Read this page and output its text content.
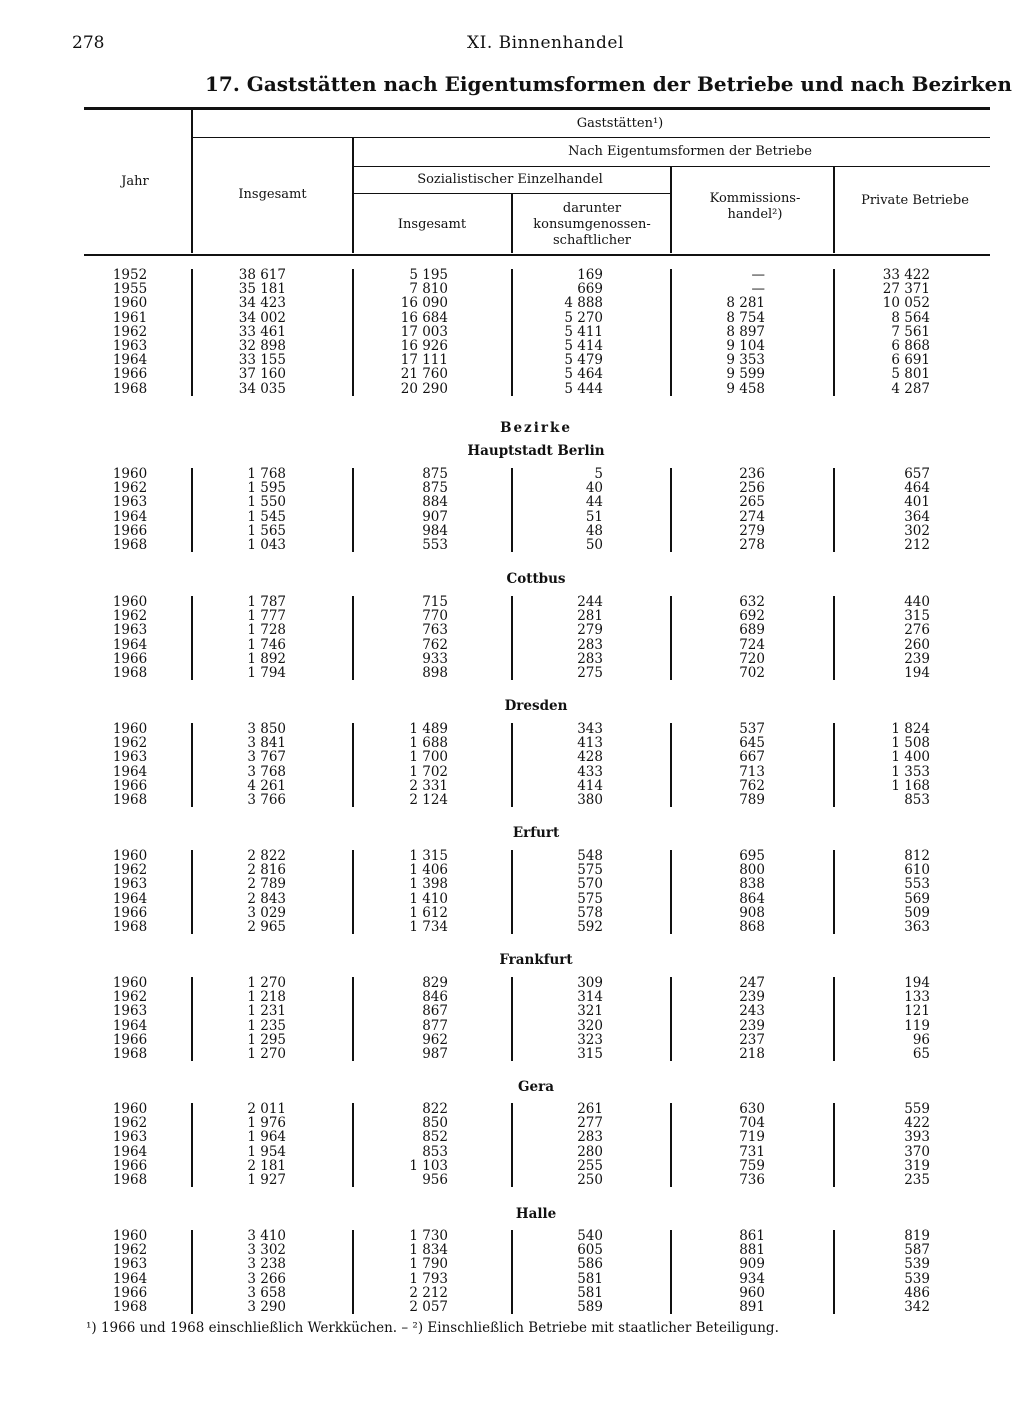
278	XI. Binnenhandel
17. Gaststätten nach Eigentumsformen der Betriebe und nach Bezirken
Jahr
Gaststätten¹)
Insgesamt
Nach Eigentumsformen der Betriebe
Sozialistischer Einzelhandel
Insgesamt
darunter konsumgenossen-schaftlicher
Kommissions-handel²)
Private Betriebe
Bezirke
1952
1955
1960
1961
1962
1963
1964
1966
1968
38 617
35 181
34 423
34 002
33 461
32 898
33 155
37 160
34 035
5 195
7 810
16 090
16 684
17 003
16 926
17 111
21 760
20 290
169
669
4 888
5 270
5 411
5 414
5 479
5 464
5 444
—
—
8 281
8 754
8 897
9 104
9 353
9 599
9 458
33 422
27 371
10 052
8 564
7 561
6 868
6 691
5 801
4 287
Hauptstadt Berlin
1960
1962
1963
1964
1966
1968
1 768
1 595
1 550
1 545
1 565
1 043
875
875
884
907
984
553
5
40
44
51
48
50
236
256
265
274
279
278
657
464
401
364
302
212
Cottbus
1960
1962
1963
1964
1966
1968
1 787
1 777
1 728
1 746
1 892
1 794
715
770
763
762
933
898
244
281
279
283
283
275
632
692
689
724
720
702
440
315
276
260
239
194
Dresden
1960
1962
1963
1964
1966
1968
3 850
3 841
3 767
3 768
4 261
3 766
1 489
1 688
1 700
1 702
2 331
2 124
343
413
428
433
414
380
537
645
667
713
762
789
1 824
1 508
1 400
1 353
1 168
853
Erfurt
1960
1962
1963
1964
1966
1968
2 822
2 816
2 789
2 843
3 029
2 965
1 315
1 406
1 398
1 410
1 612
1 734
548
575
570
575
578
592
695
800
838
864
908
868
812
610
553
569
509
363
Frankfurt
1960
1962
1963
1964
1966
1968
1 270
1 218
1 231
1 235
1 295
1 270
829
846
867
877
962
987
309
314
321
320
323
315
247
239
243
239
237
218
194
133
121
119
96
65
Gera
1960
1962
1963
1964
1966
1968
2 011
1 976
1 964
1 954
2 181
1 927
822
850
852
853
1 103
956
261
277
283
280
255
250
630
704
719
731
759
736
559
422
393
370
319
235
Halle
1960
1962
1963
1964
1966
1968
3 410
3 302
3 238
3 266
3 658
3 290
1 730
1 834
1 790
1 793
2 212
2 057
540
605
586
581
581
589
861
881
909
934
960
891
819
587
539
539
486
342
¹) 1966 und 1968 einschließlich Werkküchen. – ²) Einschließlich Betriebe mit staatlicher Beteiligung.
